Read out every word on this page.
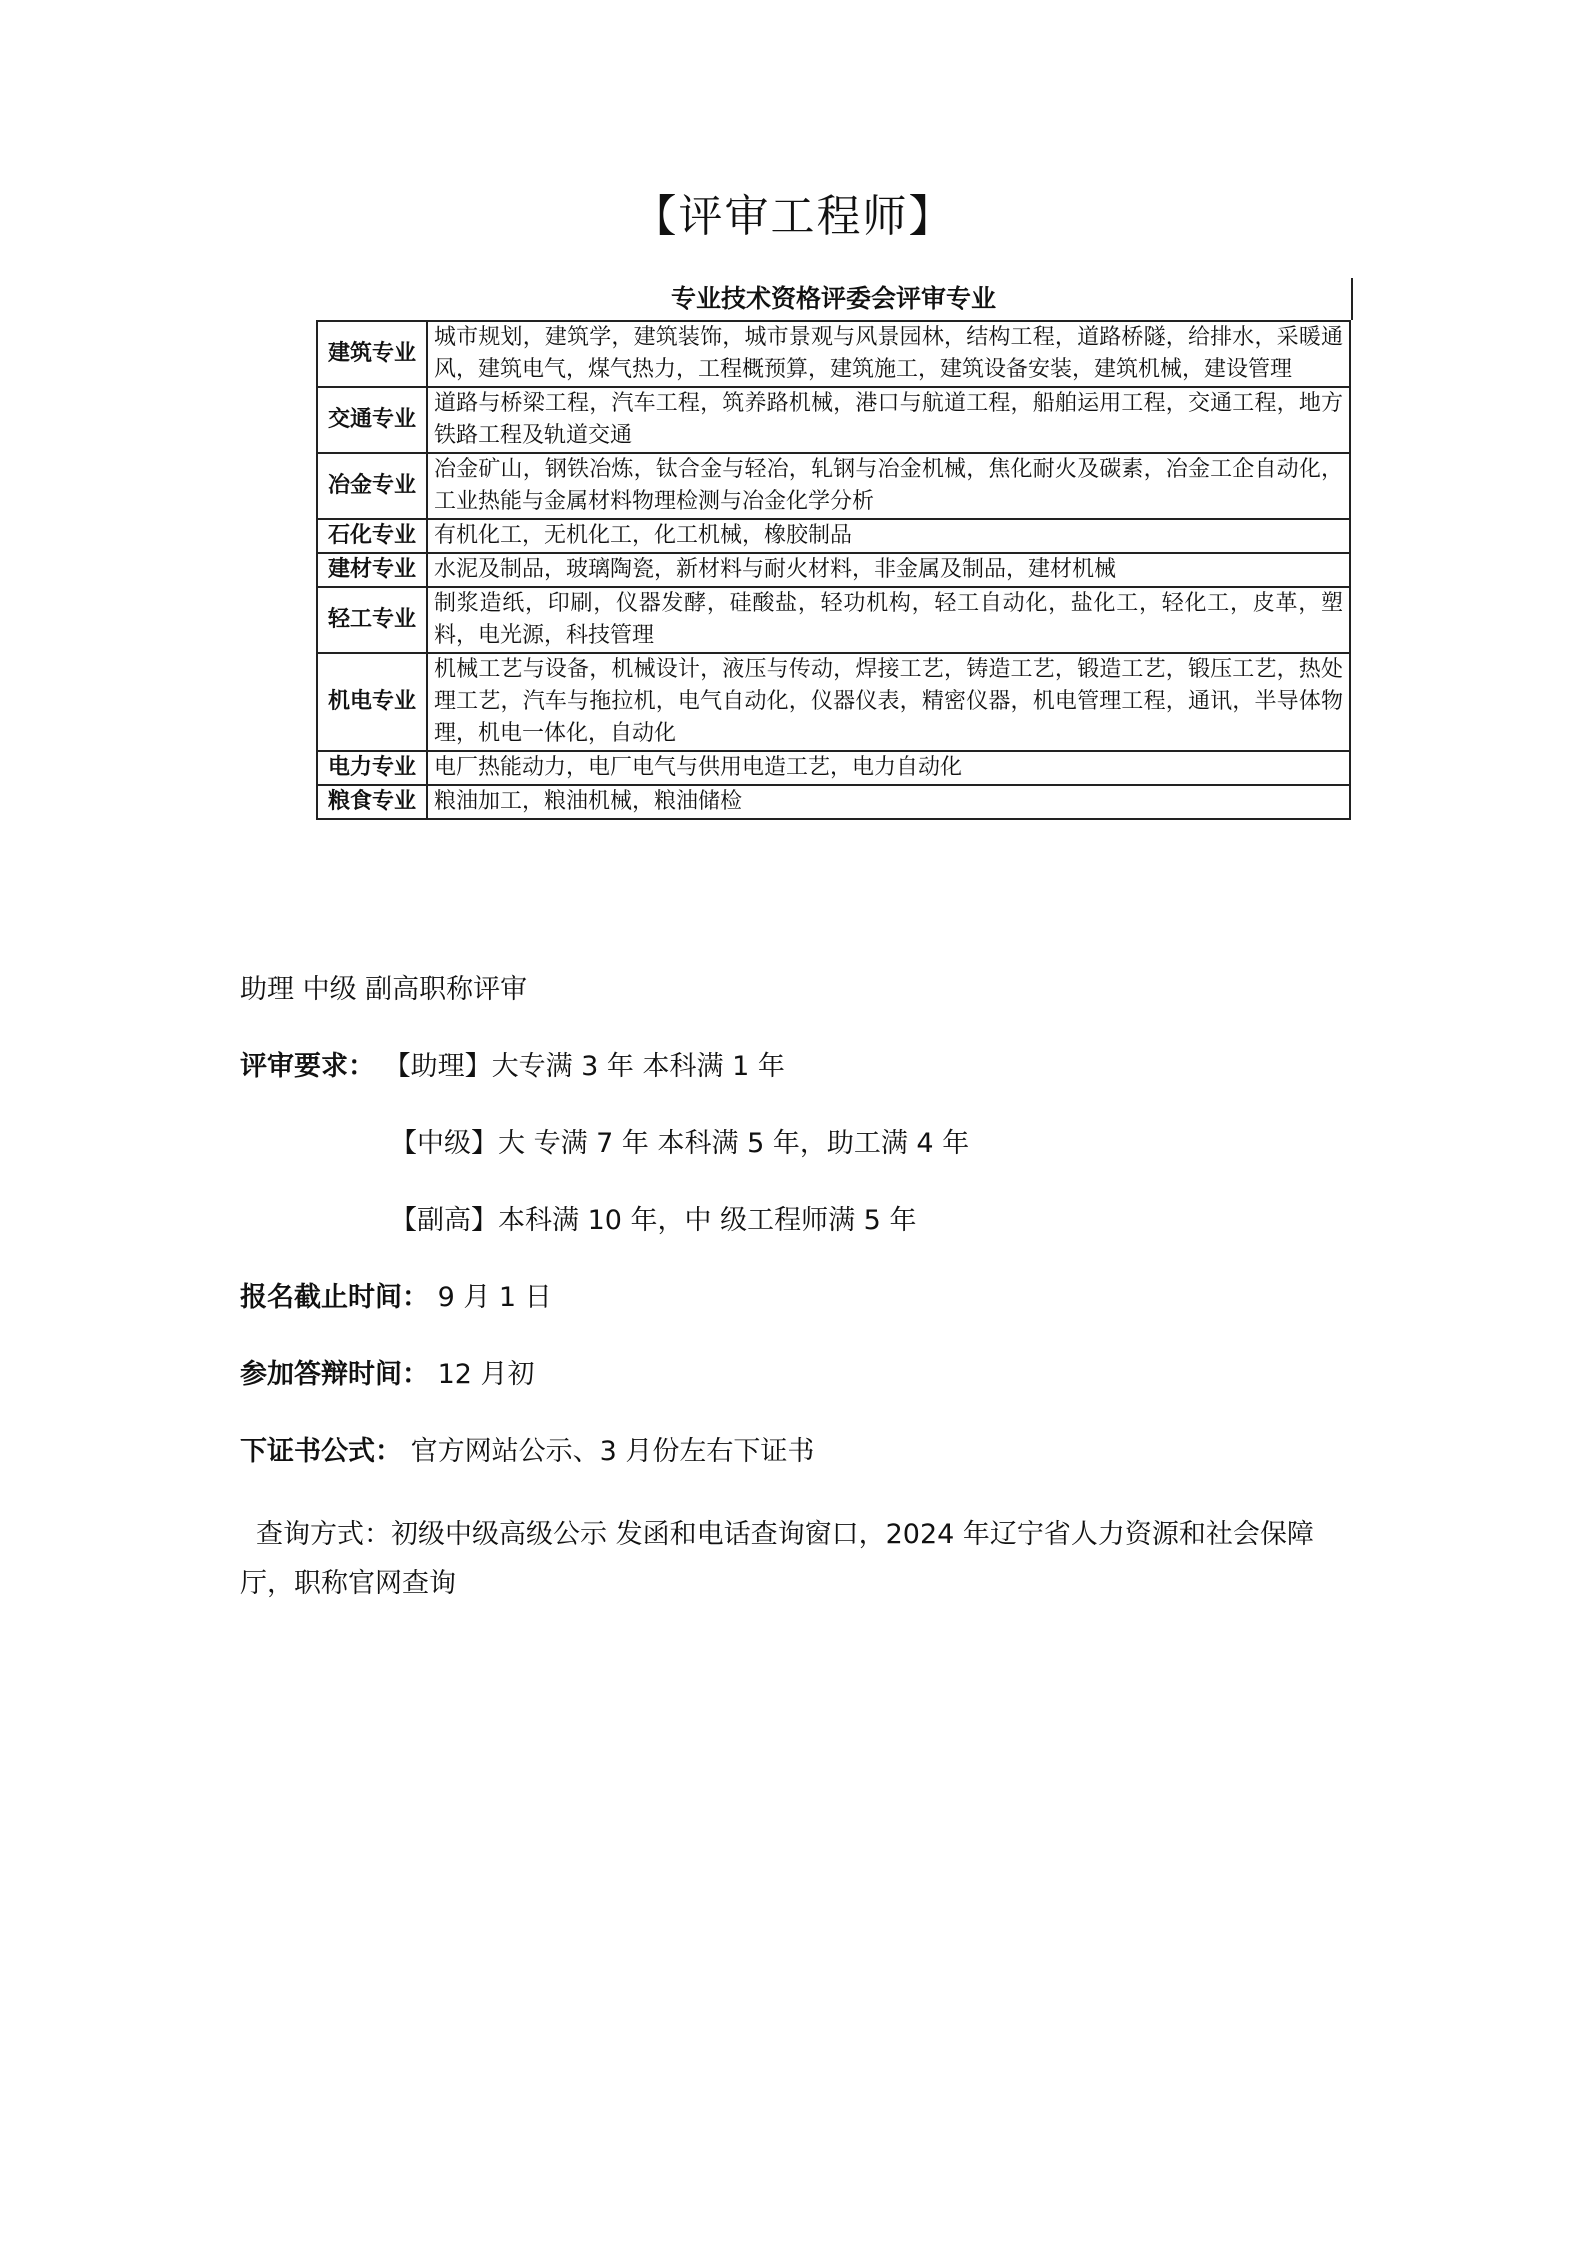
【评审工程师】
专业技术资格评委会评审专业
建筑专业	城市规划，建筑学，建筑装饰，城市景观与风景园林，结构工程，道路桥隧，给排水，采暖通风，建筑电气，煤气热力，工程概预算，建筑施工，建筑设备安装，建筑机械，建设管理
交通专业	道路与桥梁工程，汽车工程，筑养路机械，港口与航道工程，船舶运用工程，交通工程，地方铁路工程及轨道交通
冶金专业	冶金矿山，钢铁冶炼，钛合金与轻冶，轧钢与冶金机械，焦化耐火及碳素，冶金工企自动化，工业热能与金属材料物理检测与冶金化学分析
石化专业	有机化工，无机化工，化工机械，橡胶制品
建材专业	水泥及制品，玻璃陶瓷，新材料与耐火材料，非金属及制品，建材机械
轻工专业	制浆造纸，印刷，仪器发酵，硅酸盐，轻功机构，轻工自动化，盐化工，轻化工，皮革，塑料，电光源，科技管理
机电专业	机械工艺与设备，机械设计，液压与传动，焊接工艺，铸造工艺，锻造工艺，锻压工艺，热处理工艺，汽车与拖拉机，电气自动化，仪器仪表，精密仪器，机电管理工程，通讯，半导体物理，机电一体化，自动化
电力专业	电厂热能动力，电厂电气与供用电造工艺，电力自动化
粮食专业	粮油加工，粮油机械，粮油储检
助理 中级 副高职称评审
评审要求： 【助理】大专满 3 年 本科满 1 年
【中级】大 专满 7 年 本科满 5 年，助工满 4 年
【副高】本科满 10 年，中 级工程师满 5 年
报名截止时间： 9 月 1 日
参加答辩时间： 12 月初
下证书公式： 官方网站公示、3 月份左右下证书
查询方式：初级中级高级公示 发函和电话查询窗口，2024 年辽宁省人力资源和社会保障厅，职称官网查询
